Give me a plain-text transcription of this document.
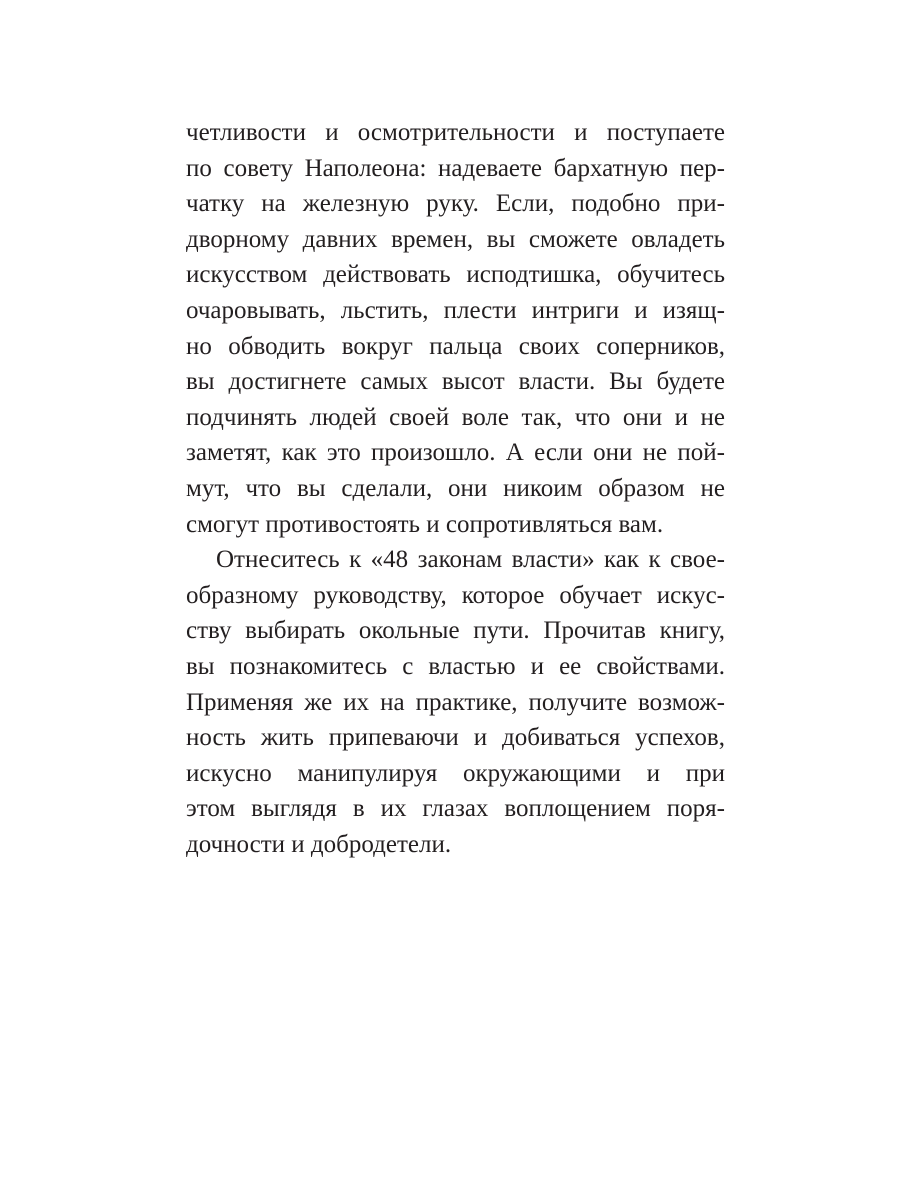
четливости и осмотрительности и поступаете
по совету Наполеона: надеваете бархатную пер-
чатку на железную руку. Если, подобно при-
дворному давних времен, вы сможете овладеть
искусством действовать исподтишка, обучитесь
очаровывать, льстить, плести интриги и изящ-
но обводить вокруг пальца своих соперников,
вы достигнете самых высот власти. Вы будете
подчинять людей своей воле так, что они и не
заметят, как это произошло. А если они не пой-
мут, что вы сделали, они никоим образом не
смогут противостоять и сопротивляться вам.
Отнеситесь к «48 законам власти» как к свое-
образному руководству, которое обучает искус-
ству выбирать окольные пути. Прочитав книгу,
вы познакомитесь с властью и ее свойствами.
Применяя же их на практике, получите возмож-
ность жить припеваючи и добиваться успехов,
искусно манипулируя окружающими и при
этом выглядя в их глазах воплощением поря-
дочности и добродетели.
